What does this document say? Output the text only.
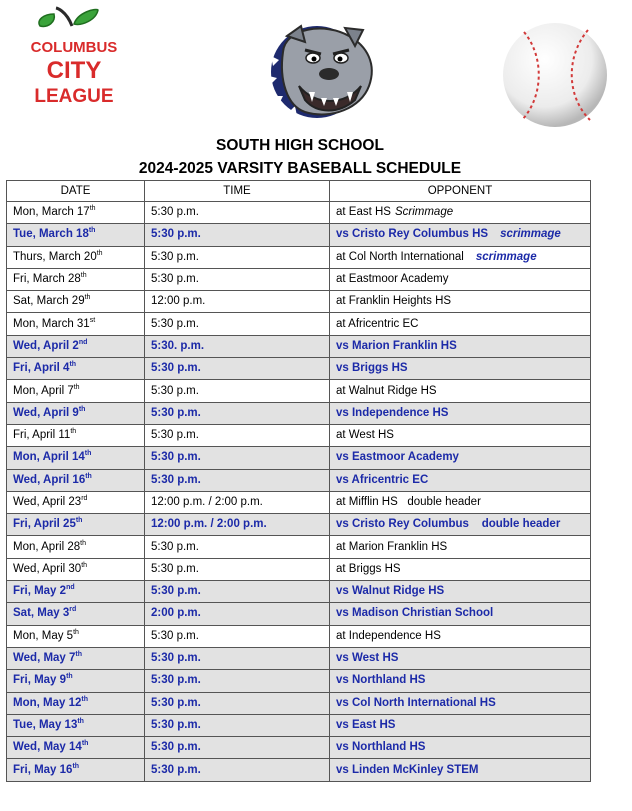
COLUMBUS
CITY
LEAGUE
SOUTH HIGH SCHOOL
2024-2025 VARSITY BASEBALL SCHEDULE
DATE	TIME	OPPONENT
Mon, March 17th	5:30 p.m.	at East HS Scrimmage
Tue, March 18th	5:30 p.m.	vs Cristo Rey Columbus HS scrimmage
Thurs, March 20th	5:30 p.m.	at Col North International scrimmage
Fri, March 28th	5:30 p.m.	at Eastmoor Academy
Sat, March 29th	12:00 p.m.	at Franklin Heights HS
Mon, March 31st	5:30 p.m.	at Africentric EC
Wed, April 2nd	5:30. p.m.	vs Marion Franklin HS
Fri, April 4th	5:30 p.m.	vs Briggs HS
Mon, April 7th	5:30 p.m.	at Walnut Ridge HS
Wed, April 9th	5:30 p.m.	vs Independence HS
Fri, April 11th	5:30 p.m.	at West HS
Mon, April 14th	5:30 p.m.	vs Eastmoor Academy
Wed, April 16th	5:30 p.m.	vs Africentric EC
Wed, April 23rd	12:00 p.m. / 2:00 p.m.	at Mifflin HS   double header
Fri, April 25th	12:00 p.m. / 2:00 p.m.	vs Cristo Rey Columbus    double header
Mon, April 28th	5:30 p.m.	at Marion Franklin HS
Wed, April 30th	5:30 p.m.	at Briggs HS
Fri, May 2nd	5:30 p.m.	vs Walnut Ridge HS
Sat, May 3rd	2:00 p.m.	vs Madison Christian School
Mon, May 5th	5:30 p.m.	at Independence HS
Wed, May 7th	5:30 p.m.	vs West HS
Fri, May 9th	5:30 p.m.	vs Northland HS
Mon, May 12th	5:30 p.m.	vs Col North International HS
Tue, May 13th	5:30 p.m.	vs East HS
Wed, May 14th	5:30 p.m.	vs Northland HS
Fri, May 16th	5:30 p.m.	vs Linden McKinley STEM
